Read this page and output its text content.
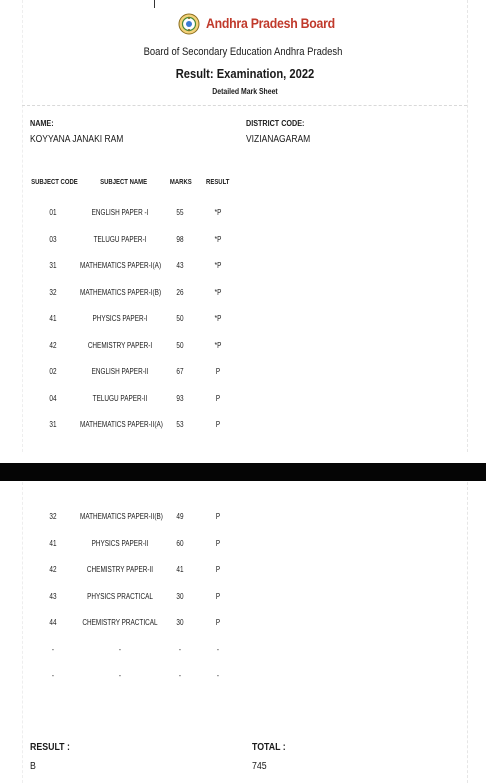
Andhra Pradesh Board
Board of Secondary Education Andhra Pradesh
Result: Examination, 2022
Detailed Mark Sheet
NAME:
KOYYANA JANAKI RAM
DISTRICT CODE:
VIZIANAGARAM
SUBJECT CODE	SUBJECT NAME	MARKS RESULT
01	ENGLISH PAPER -I	55	*P
03	TELUGU PAPER-I	98	*P
31	MATHEMATICS PAPER-I(A)	43	*P
32	MATHEMATICS PAPER-I(B)	26	*P
41	PHYSICS PAPER-I	50	*P
42	CHEMISTRY PAPER-I	50	*P
02	ENGLISH PAPER-II	67	P
04	TELUGU PAPER-II	93	P
31	MATHEMATICS PAPER-II(A)	53	P
32	MATHEMATICS PAPER-II(B)	49	P
41	PHYSICS PAPER-II	60	P
42	CHEMISTRY PAPER-II	41	P
43	PHYSICS PRACTICAL	30	P
44	CHEMISTRY PRACTICAL	30	P
-	-	-	-
-	-	-	-
RESULT :
B
TOTAL :
745
